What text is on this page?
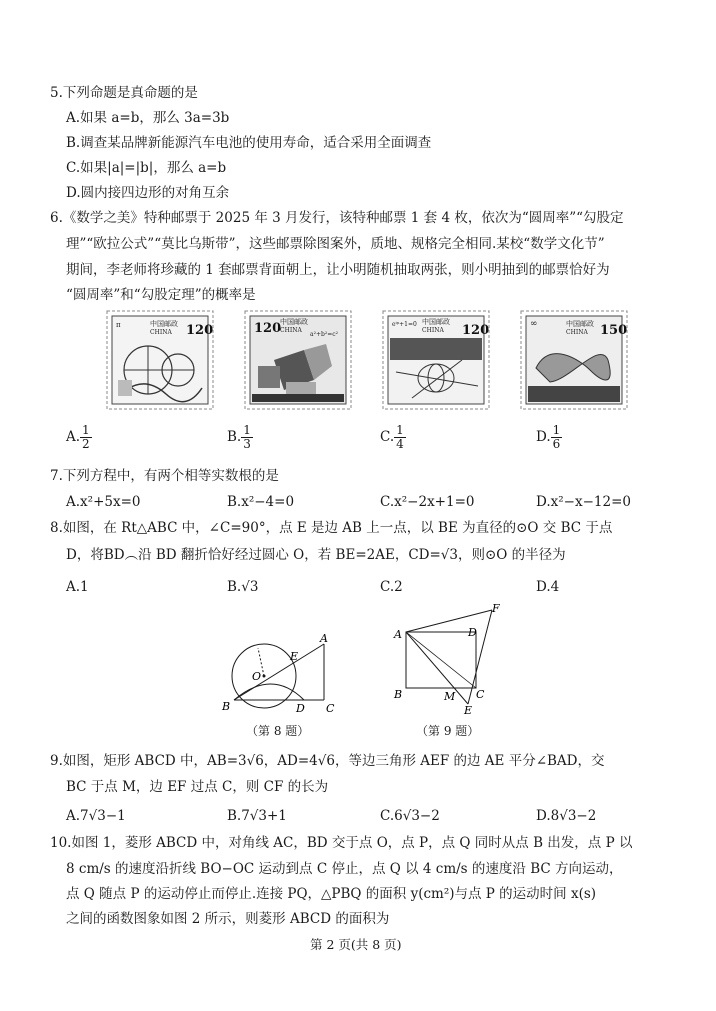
5.下列命题是真命题的是
A.如果 a=b，那么 3a=3b
B.调查某品牌新能源汽车电池的使用寿命，适合采用全面调查
C.如果|a|=|b|，那么 a=b
D.圆内接四边形的对角互余
6.《数学之美》特种邮票于 2025 年 3 月发行，该特种邮票 1 套 4 枚，依次为“圆周率”“勾股定
理”“欧拉公式”“莫比乌斯带”，这些邮票除图案外，质地、规格完全相同.某校“数学文化节”
期间，李老师将珍藏的 1 套邮票背面朝上，让小明随机抽取两张，则小明抽到的邮票恰好为
“圆周率”和“勾股定理”的概率是
π	中国邮政
CHINA 120	120
中国邮政
CHINA
a²+b²=c²
eⁱᵖ+1=0 中国邮政
CHINA 120	∞	中国邮政
CHINA 150
A. $\frac{1}{2}$	B. $\frac{1}{3}$	C. $\frac{1}{4}$	D. $\frac{1}{6}$
7.下列方程中，有两个相等实数根的是
A.x²+5x=0	B.x²−4=0	C.x²−2x+1=0	D.x²−x−12=0
8.如图，在 Rt△ABC 中，∠C=90°，点 E 是边 AB 上一点，以 BE 为直径的⊙O 交 BC 于点
D，将BD︵沿 BD 翻折恰好经过圆心 O，若 BE=2AE，CD=√3，则⊙O 的半径为
A.1	B.√3	C.2	D.4
A
E
O
B	D C
（第 8 题）
A	D
F
B	M C
E
（第 9 题）
9.如图，矩形 ABCD 中，AB=3√6，AD=4√6，等边三角形 AEF 的边 AE 平分∠BAD，交
BC 于点 M，边 EF 过点 C，则 CF 的长为
A.7√3−1	B.7√3+1	C.6√3−2	D.8√3−2
10.如图 1，菱形 ABCD 中，对角线 AC，BD 交于点 O，点 P，点 Q 同时从点 B 出发，点 P 以
8 cm/s 的速度沿折线 BO−OC 运动到点 C 停止，点 Q 以 4 cm/s 的速度沿 BC 方向运动，
点 Q 随点 P 的运动停止而停止.连接 PQ，△PBQ 的面积 y(cm²)与点 P 的运动时间 x(s)
之间的函数图象如图 2 所示，则菱形 ABCD 的面积为
第 2 页(共 8 页)
